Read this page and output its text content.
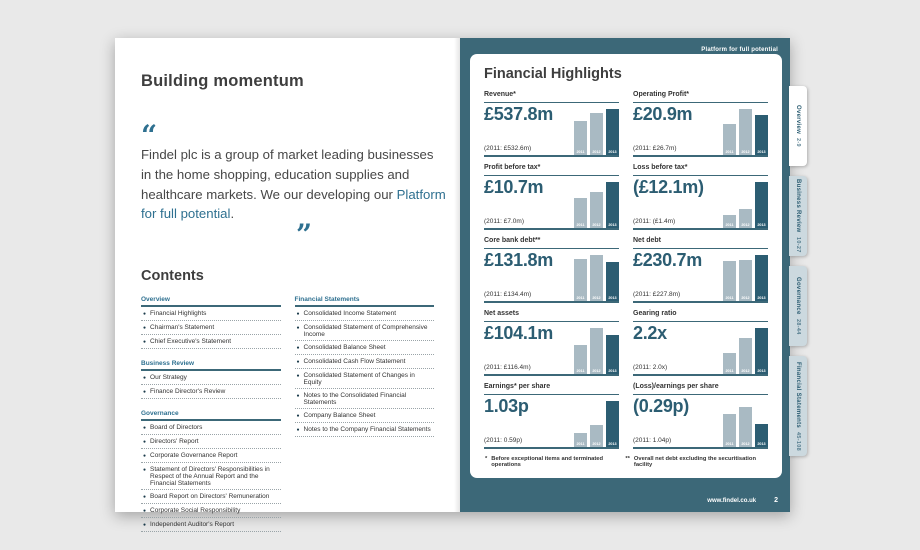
Building momentum
“

Findel plc is a group of market leading businesses in the home shopping, education supplies and healthcare markets. We our developing our Platform for full potential.

”
Contents
Overview
● Financial Highlights
● Chairman's Statement
● Chief Executive's Statement
Business Review
● Our Strategy
● Finance Director's Review
Governance
● Board of Directors
● Directors' Report
● Corporate Governance Report
● Statement of Directors' Responsibilities in Respect of the Annual Report and the Financial Statements
● Board Report on Directors' Remuneration
● Corporate Social Responsibility
● Independent Auditor's Report
Financial Statements
● Consolidated Income Statement
● Consolidated Statement of Comprehensive Income
● Consolidated Balance Sheet
● Consolidated Cash Flow Statement
● Consolidated Statement of Changes in Equity
● Notes to the Consolidated Financial Statements
● Company Balance Sheet
● Notes to the Company Financial Statements
Platform for full potential
Financial Highlights
Revenue*
£537.8m
2011	2012	2013
(2011: £532.6m)
Operating Profit*
£20.9m
2011	2012	2013
(2011: £26.7m)
Profit before tax*
£10.7m
2011	2012	2013
(2011: £7.0m)
Loss before tax*
(£12.1m)
2011	2012	2013
(2011: (£1.4m)
Core bank debt**
£131.8m
2011	2012	2013
(2011: £134.4m)
Net debt
£230.7m
2011	2012	2013
(2011: £227.8m)
Net assets
£104.1m
2011	2012	2013
(2011: £116.4m)
Gearing ratio
2.2x
2011	2012	2013
(2011: 2.0x)
Earnings* per share
1.03p
2011	2012	2013
(2011: 0.59p)
(Loss)/earnings per share
(0.29p)
2011	2012	2013
(2011: 1.04p)
* Before exceptional items and terminated operations
** Overall net debt excluding the securitisation facility
www.findel.co.uk	2
Overview
2-9
Business Review
10-27
Governance
28-44
Financial Statements
45-108
